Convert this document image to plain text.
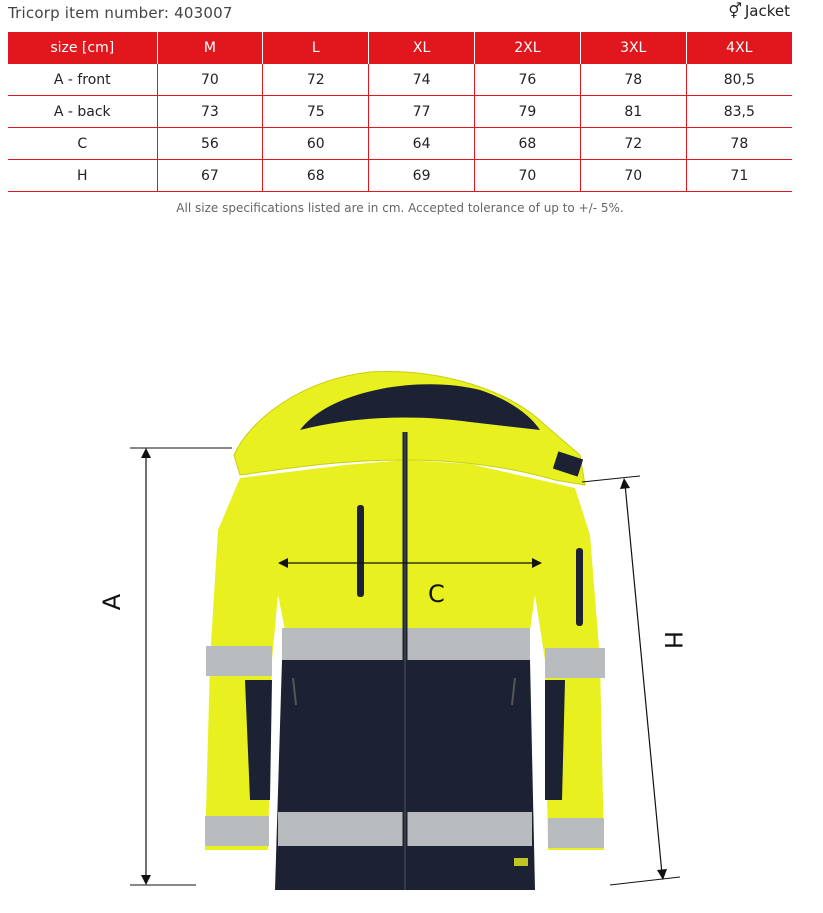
Tricorp item number: 403007	⚥ Jacket
size [cm]	M	L	XL	2XL	3XL	4XL
A - front	70	72	74	76	78	80,5
A - back	73	75	77	79	81	83,5
C	56	60	64	68	72	78
H	67	68	69	70	70	71
All size specifications listed are in cm. Accepted tolerance of up to +/- 5%.
A	C
H
